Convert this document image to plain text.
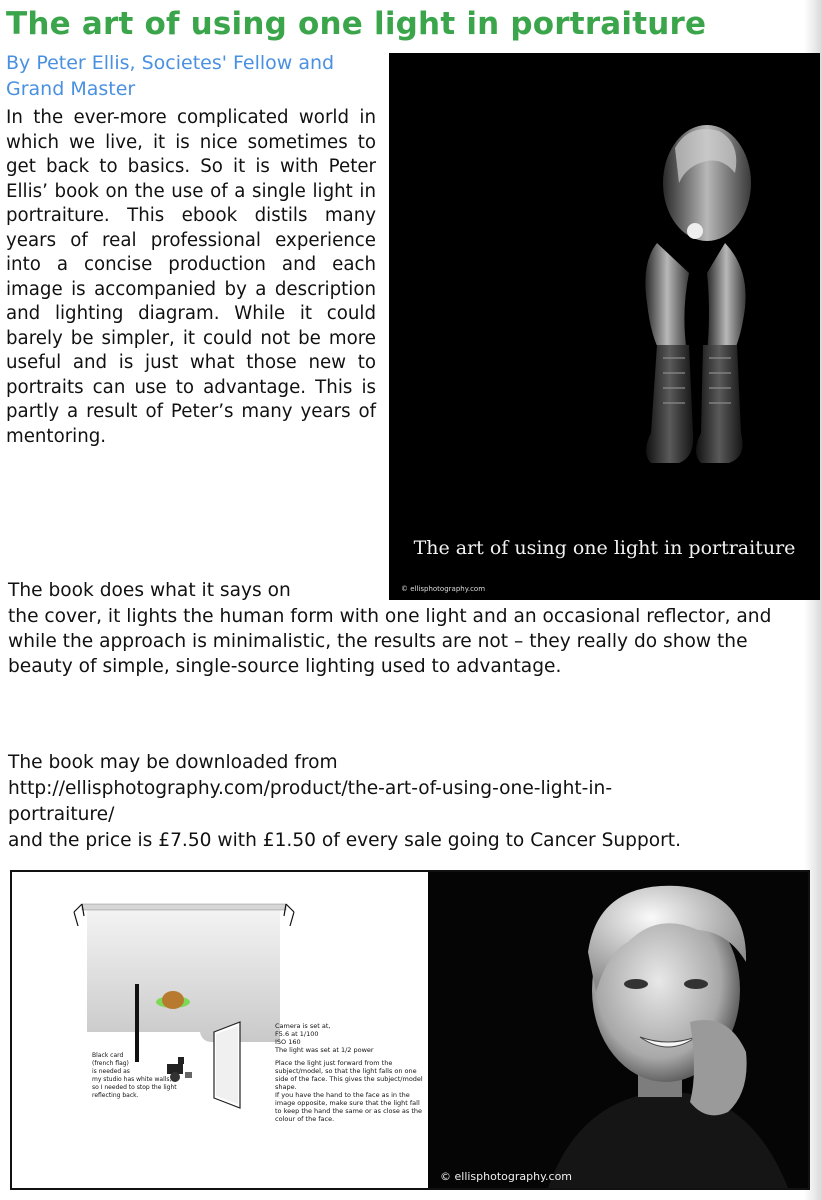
The art of using one light in portraiture
By Peter Ellis, Societes' Fellow and Grand Master
In the ever-more complicated world in which we live, it is nice sometimes to get back to basics. So it is with Peter Ellis’ book on the use of a single light in portraiture. This ebook distils many years of real professional experience into a concise production and each image is accompanied by a description and lighting diagram. While it could barely be simpler, it could not be more useful and is just what those new to portraits can use to advantage. This is partly a result of Peter’s many years of mentoring.
The art of using one light in portraiture
© ellisphotography.com
The book does what it says on
the cover, it lights the human form with one light and an occasional reflector, and while the approach is minimalistic, the results are not – they really do show the beauty of simple, single-source lighting used to advantage.
The book may be downloaded from
http://ellisphotography.com/product/the-art-of-using-one-light-in-
portraiture/
and the price is £7.50 with £1.50 of every sale going to Cancer Support.
Black card
(french flag)
is needed as
my studio has white walls,
so I needed to stop the light
reflecting back.
Camera is set at,
F5.6 at 1/100
ISO 160
The light was set at 1/2 power
Place the light just forward from the subject/model, so that the light falls on one side of the face. This gives the subject/model shape.
If you have the hand to the face as in the image opposite, make sure that the light fall to keep the hand the same or as close as the colour of the face.
© ellisphotography.com
